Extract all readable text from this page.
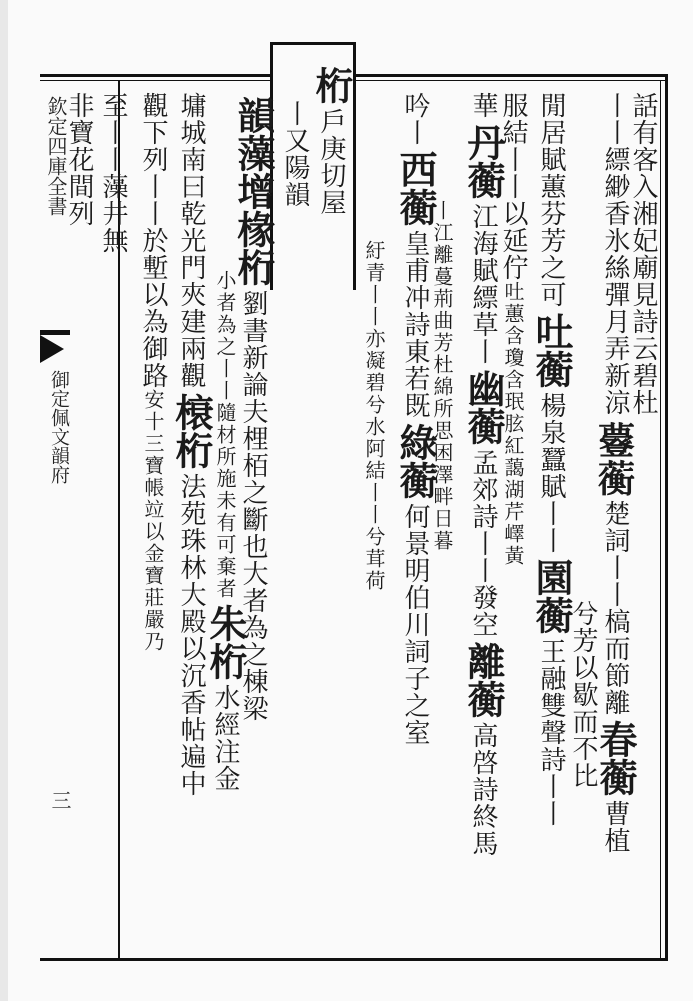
欽定四庫全書
御定佩文韻府
三
話有客入湘妃廟見詩云碧杜
丨丨縹緲香氷絲彈月弄新涼𧄼蘅楚詞丨丨槁而節離春蘅曹植
兮芳以歇而不比
閒居賦蕙芬芳之可吐蘅楊泉蠶賦丨丨園蘅王融雙聲詩丨丨
服結丨丨以延佇吐蕙含瓊含珉胘紅藹湖芹嶧黃
華丹蘅江海賦縹草丨幽蘅孟郊詩丨丨發空離蘅高啓詩終馬
丨江離蔓荊曲芳杜綿所思困澤畔日暮
吟丨西蘅皇甫冲詩東若既綠蘅何景明伯川詞子之室
紆青丨丨亦凝碧兮水阿結丨丨兮茸荷
桁戶庚切屋
丨又陽韻
韻藻增椽桁劉書新論夫梩栢之斷也大者為之棟梁
小者為之丨丨隨材所施未有可棄者朱桁水經注金
墉城南曰乾光門夾建兩觀榱桁法苑珠林大殿以沉香帖遍中
觀下列丨丨於塹以為御路安十三寶帳竝以金寶莊嚴乃
至丨丨藻井無
非寶花間列
